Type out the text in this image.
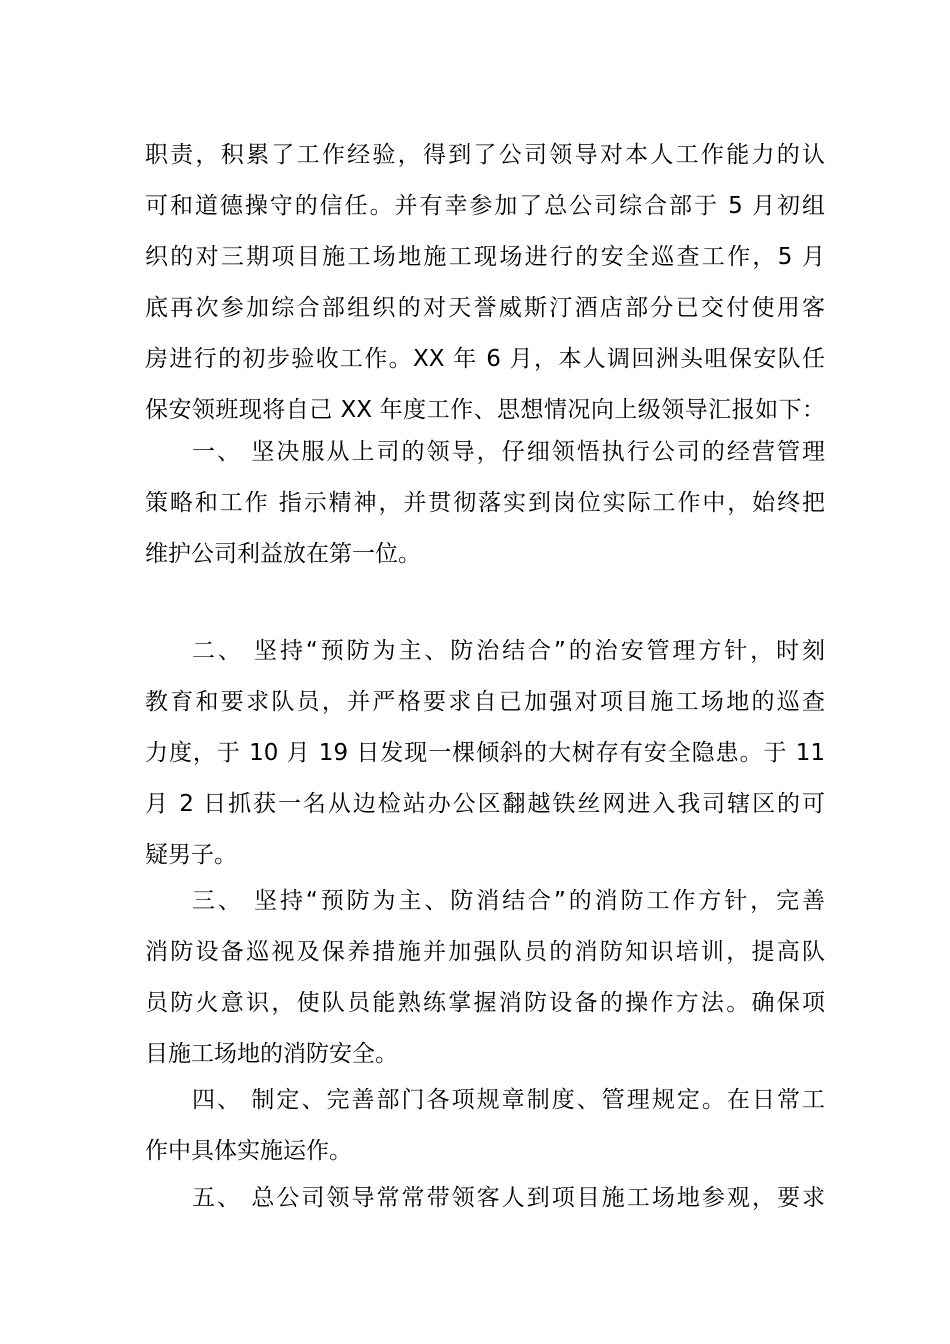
职责，积累了工作经验，得到了公司领导对本人工作能力的认
可和道德操守的信任。并有幸参加了总公司综合部于 5 月初组
织的对三期项目施工场地施工现场进行的安全巡查工作，5 月
底再次参加综合部组织的对天誉威斯汀酒店部分已交付使用客
房进行的初步验收工作。XX 年 6 月，本人调回洲头咀保安队任
保安领班现将自己 XX 年度工作、思想情况向上级领导汇报如下：
一、 坚决服从上司的领导，仔细领悟执行公司的经营管理
策略和工作 指示精神，并贯彻落实到岗位实际工作中，始终把
维护公司利益放在第一位。
二、 坚持“预防为主、防治结合”的治安管理方针，时刻
教育和要求队员，并严格要求自已加强对项目施工场地的巡查
力度，于 10 月 19 日发现一棵倾斜的大树存有安全隐患。于 11
月 2 日抓获一名从边检站办公区翻越铁丝网进入我司辖区的可
疑男子。
三、 坚持“预防为主、防消结合”的消防工作方针，完善
消防设备巡视及保养措施并加强队员的消防知识培训，提高队
员防火意识，使队员能熟练掌握消防设备的操作方法。确保项
目施工场地的消防安全。
四、 制定、完善部门各项规章制度、管理规定。在日常工
作中具体实施运作。
五、 总公司领导常常带领客人到项目施工场地参观，要求
